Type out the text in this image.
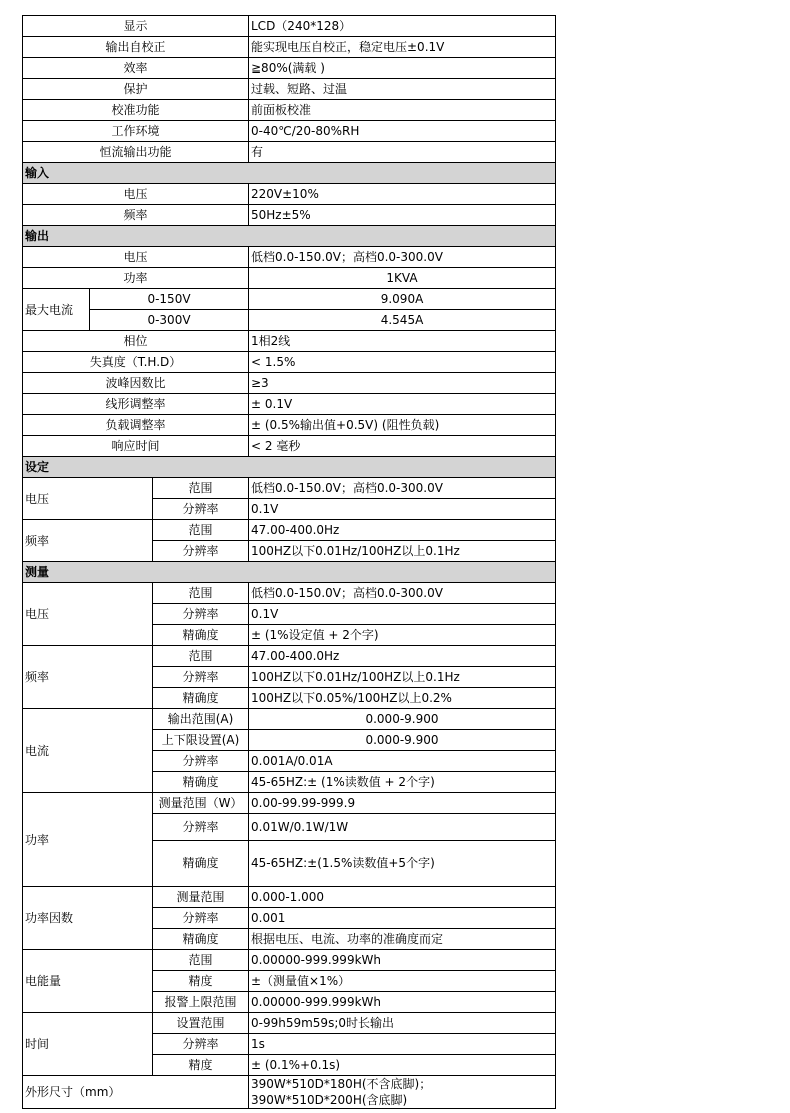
显示			LCD（240*128）
输出自校正			能实现电压自校正，稳定电压±0.1V
效率			≧80%(满载 )
保护			过载、短路、过温
校准功能			前面板校准
工作环境			0-40℃/20-80%RH
恒流输出功能			有
输入			
电压			220V±10%
频率			50Hz±5%
输出			
电压			低档0.0-150.0V；高档0.0-300.0V
功率			1KVA
最大电流	0-150V		9.090A
	0-300V		4.545A
相位			1相2线
失真度（T.H.D）			< 1.5%
波峰因数比			≥3
线形调整率			± 0.1V
负载调整率			± (0.5%输出值+0.5V) (阻性负载)
响应时间			< 2 毫秒
设定			
电压		范围	低档0.0-150.0V；高档0.0-300.0V
		分辨率	0.1V
频率		范围	47.00-400.0Hz
		分辨率	100HZ以下0.01Hz/100HZ以上0.1Hz
测量			
电压		范围	低档0.0-150.0V；高档0.0-300.0V
		分辨率	0.1V
		精确度	± (1%设定值 + 2个字)
频率		范围	47.00-400.0Hz
		分辨率	100HZ以下0.01Hz/100HZ以上0.1Hz
		精确度	100HZ以下0.05%/100HZ以上0.2%
电流		输出范围(A)	0.000-9.900
		上下限设置(A)	0.000-9.900
		分辨率	0.001A/0.01A
		精确度	45-65HZ:± (1%读数值 + 2个字)
功率		测量范围（W）	0.00-99.99-999.9
		分辨率	0.01W/0.1W/1W
		精确度	45-65HZ:±(1.5%读数值+5个字)
功率因数		测量范围	0.000-1.000
		分辨率	0.001
		精确度	根据电压、电流、功率的准确度而定
电能量		范围	0.00000-999.999kWh
		精度	±（测量值×1%）
		报警上限范围	0.00000-999.999kWh
时间		设置范围	0-99h59m59s;0时长输出
		分辨率	1s
		精度	± (0.1%+0.1s)
外形尺寸（mm）			390W*510D*180H(不含底脚)；390W*510D*200H(含底脚)
